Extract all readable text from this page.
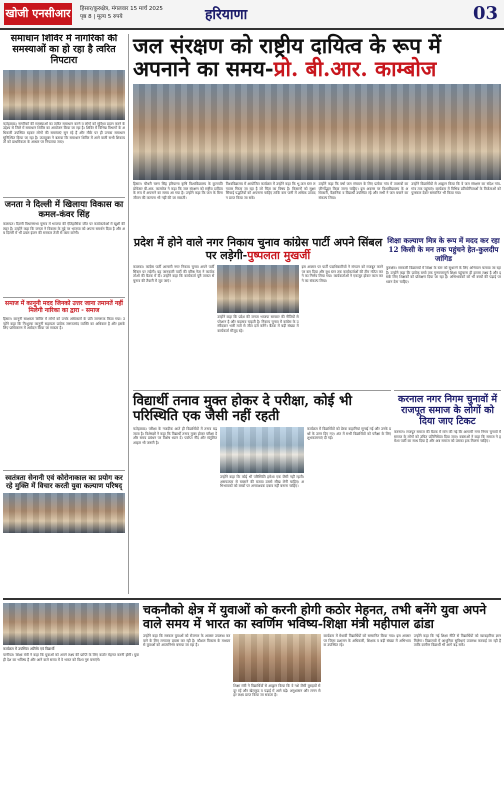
खोजी एनसीआर हिसार/कुरुक्षेत्र, मंगलवार 15 मार्च 2025
पृष्ठ 8 | मूल्य 5 रुपये	हरियाणा	03
समाधान शिविर में नागरिकों की समस्याओं का हो रहा है त्वरित निपटारा

फतेहाबाद। नागरिकों की समस्याओं का त्वरित समाधान करने व लोगों को सुविधा प्रदान करने के उद्देश्य से जिले में समाधान शिविर का आयोजन किया जा रहा है। शिविर में विभिन्न विभागों के अधिकारी उपस्थित रहकर लोगों की समस्याएं सुन रहे हैं और मौके पर ही उनका समाधान सुनिश्चित किया जा रहा है। उपायुक्त ने बताया कि समाधान शिविर में आने वाली सभी शिकायतों को प्राथमिकता के आधार पर निपटाया जाए।

जनता ने दिल्ली में खिलाया विकास का कमल-कंवर सिंह

कलायत। दिल्ली विधानसभा चुनाव में भाजपा की ऐतिहासिक जीत पर कार्यकर्ताओं में खुशी की लहर है। उन्होंने कहा कि जनता ने विकास के मुद्दे पर भाजपा को अपना समर्थन दिया है और अब दिल्ली में भी डबल इंजन की सरकार तेजी से काम करेगी।

समाज में कानूनी मदद जिनको उत्तर जाना तमानतें नहीं मिलेगी नारिका का द्वारा - समाज

हिसार। कानूनी साक्षरता शिविर में लोगों को उनके अधिकारों के प्रति जागरूक किया गया। उन्होंने कहा कि निःशुल्क कानूनी सहायता प्रत्येक जरूरतमंद व्यक्ति का अधिकार है और इसके लिए प्राधिकरण में आवेदन किया जा सकता है।

स्वतंत्रता सेनानी एवं कोरोनाकाल का प्रयोग कर रहे मुक्ति में विचार करती युवा कल्याण परिषद्
जल संरक्षण को राष्ट्रीय दायित्व के रूप में अपनाने का समय-प्रो. बी.आर. काम्बोज

हिसार। चौधरी चरण सिंह हरियाणा कृषि विश्वविद्यालय के कुलपति प्रोफेसर बी.आर. काम्बोज ने कहा कि जल संरक्षण को राष्ट्रीय दायित्व के रूप में अपनाने का समय आ गया है। उन्होंने कहा कि जल के बिना जीवन की कल्पना भी नहीं की जा सकती।

विश्वविद्यालय में आयोजित कार्यक्रम में उन्होंने कहा कि भू-जल स्तर लगातार गिरता जा रहा है जो चिंता का विषय है। किसानों को सूक्ष्म सिंचाई पद्धतियों को अपनाना चाहिए ताकि कम पानी में अधिक उत्पादन प्राप्त किया जा सके।

उन्होंने कहा कि वर्षा जल संचयन के लिए प्रत्येक गांव में तालाबों का जीर्णोद्धार किया जाना चाहिए। इस अवसर पर विश्वविद्यालय के अधिकारी, वैज्ञानिक व विद्यार्थी उपस्थित रहे और सभी ने जल बचाने का संकल्प लिया।

उन्होंने विद्यार्थियों से आह्वान किया कि वे जल संरक्षण का संदेश गांव-गांव तक पहुंचाएं। कार्यक्रम में विभिन्न प्रतियोगिताओं के विजेताओं को पुरस्कार देकर सम्मानित भी किया गया।

प्रदेश में होने वाले नगर निकाय चुनाव कांग्रेस पार्टी अपने सिंबल पर लड़ेगी-पुष्पलता मुखर्जी

कालका। कांग्रेस पार्टी आगामी नगर निकाय चुनाव अपने पार्टी सिंबल पर लड़ेगी। यह जानकारी पार्टी की वरिष्ठ नेता ने कार्यकर्ताओं की बैठक में दी। उन्होंने कहा कि कार्यकर्ता पूरी ताकत से चुनाव की तैयारी में जुट जाएं।

उन्होंने कहा कि प्रदेश की जनता भाजपा सरकार की नीतियों से परेशान है और बदलाव चाहती है। निकाय चुनाव में कांग्रेस के उम्मीदवार भारी मतों से जीत दर्ज करेंगे। बैठक में बड़ी संख्या में कार्यकर्ता मौजूद रहे।

इस अवसर पर पार्टी पदाधिकारियों ने संगठन को मजबूत करने पर बल दिया और बूथ स्तर तक कार्यकर्ताओं की टीम गठित करने का निर्णय लिया गया। कार्यकर्ताओं ने एकजुट होकर काम करने का संकल्प लिया।

शिक्षा कल्याण मित्र के रूप में मदद कर रहा 12 किसी के मन तक पहुंचने हेत-कुलदीप जांगिड

कुरुक्षेत्र। सरकारी विद्यालयों में शिक्षा के स्तर को सुधारने के लिए अभियान चलाया जा रहा है। उन्होंने कहा कि प्रत्येक बच्चे तक गुणवत्तापूर्ण शिक्षा पहुंचाना ही हमारा लक्ष्य है और इसके लिए शिक्षकों को प्रशिक्षण दिया जा रहा है। अभिभावकों को भी बच्चों की पढ़ाई पर ध्यान देना चाहिए।

विद्यार्थी तनाव मुक्त होकर दे परीक्षा, कोई भी परिस्थिति एक जैसी नहीं रहती

फतेहाबाद। परीक्षा के नजदीक आते ही विद्यार्थियों में तनाव बढ़ जाता है। विशेषज्ञों ने कहा कि विद्यार्थी तनाव मुक्त होकर परीक्षा दें और समय प्रबंधन पर विशेष ध्यान दें। पर्याप्त नींद और संतुलित आहार भी जरूरी है।

उन्होंने कहा कि कोई भी परिस्थिति हमेशा एक जैसी नहीं रहती। असफलता से घबराने की बजाय उससे सीख लेनी चाहिए। अभिभावकों को बच्चों पर अनावश्यक दबाव नहीं बनाना चाहिए।

कार्यक्रम में विद्यार्थियों को प्रेरक कहानियां सुनाई गईं और उनके प्रश्नों के उत्तर दिए गए। अंत में सभी विद्यार्थियों को परीक्षा के लिए शुभकामनाएं दी गईं।

करनाल नगर निगम चुनावों में राजपूत समाज के लोगों को दिया जाए टिकट

करनाल। राजपूत समाज की बैठक में मांग की गई कि आगामी नगर निगम चुनावों में समाज के लोगों को उचित प्रतिनिधित्व दिया जाए। वक्ताओं ने कहा कि समाज ने हमेशा पार्टी का साथ दिया है और अब समाज को उसका हक मिलना चाहिए।

कार्यक्रम में उपस्थित अतिथि एवं विद्यार्थी

पानीपत। शिक्षा मंत्री ने कहा कि युवाओं को अपने लक्ष्य की प्राप्ति के लिए कठोर मेहनत करनी होगी। युवा ही देश का भविष्य हैं और आने वाले समय में वे भारत को विश्व गुरु बनाएंगे।

चकनौको क्षेत्र में युवाओं को करनी होगी कठोर मेहनत, तभी बनेंगे युवा अपने वाले समय में भारत का स्वर्णिम भविष्य-शिक्षा मंत्री महीपाल ढांडा

उन्होंने कहा कि सरकार युवाओं को रोजगार के अवसर उपलब्ध करवाने के लिए लगातार प्रयास कर रही है। कौशल विकास के माध्यम से युवाओं को आत्मनिर्भर बनाया जा रहा है।

शिक्षा मंत्री ने विद्यार्थियों से आह्वान किया कि वे नशे जैसी बुराइयों से दूर रहें और खेलकूद व पढ़ाई में आगे बढ़ें। अनुशासन और लगन से हर लक्ष्य प्राप्त किया जा सकता है।

कार्यक्रम में मेधावी विद्यार्थियों को सम्मानित किया गया। इस अवसर पर जिला प्रशासन के अधिकारी, शिक्षक व बड़ी संख्या में अभिभावक उपस्थित रहे।

उन्होंने कहा कि नई शिक्षा नीति से विद्यार्थियों को व्यावहारिक ज्ञान मिलेगा। विद्यालयों में आधुनिक सुविधाएं उपलब्ध करवाई जा रही हैं ताकि ग्रामीण विद्यार्थी भी आगे बढ़ सकें।
